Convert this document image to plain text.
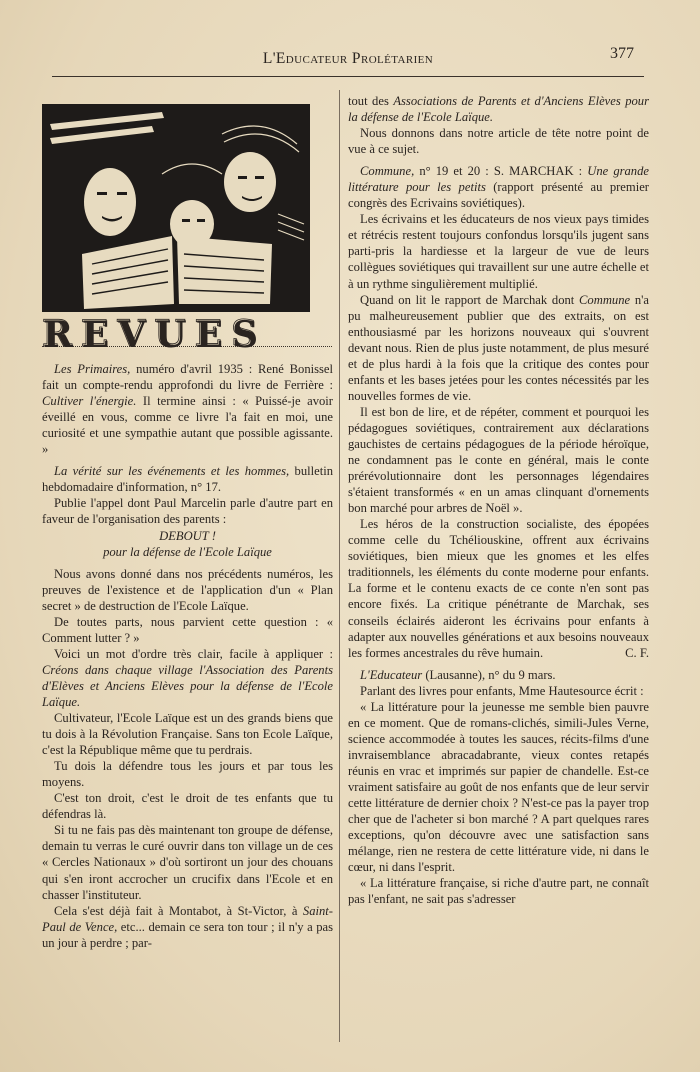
L'Educateur Prolétarien	377
REVUES

Les Primaires, numéro d'avril 1935 : René Bonissel fait un compte-rendu approfondi du livre de Ferrière : Cultiver l'énergie. Il termine ainsi : « Puissé-je avoir éveillé en vous, comme ce livre l'a fait en moi, une curiosité et une sympathie autant que possible agissante. »

La vérité sur les événements et les hommes, bulletin hebdomadaire d'information, n° 17.

Publie l'appel dont Paul Marcelin parle d'autre part en faveur de l'organisation des parents :

DEBOUT !

pour la défense de l'Ecole Laïque

Nous avons donné dans nos précédents numéros, les preuves de l'existence et de l'application d'un « Plan secret » de destruction de l'Ecole Laïque.

De toutes parts, nous parvient cette question : « Comment lutter ? »

Voici un mot d'ordre très clair, facile à appliquer : Créons dans chaque village l'Association des Parents d'Elèves et Anciens Elèves pour la défense de l'Ecole Laïque.

Cultivateur, l'Ecole Laïque est un des grands biens que tu dois à la Révolution Française. Sans ton Ecole Laïque, c'est la République même que tu perdrais.

Tu dois la défendre tous les jours et par tous les moyens.

C'est ton droit, c'est le droit de tes enfants que tu défendras là.

Si tu ne fais pas dès maintenant ton groupe de défense, demain tu verras le curé ouvrir dans ton village un de ces « Cercles Nationaux » d'où sortiront un jour des chouans qui s'en iront accrocher un crucifix dans l'Ecole et en chasser l'instituteur.

Cela s'est déjà fait à Montabot, à St-Victor, à Saint-Paul de Vence, etc... demain ce sera ton tour ; il n'y a pas un jour à perdre ; par-

tout des Associations de Parents et d'Anciens Elèves pour la défense de l'Ecole Laïque.

Nous donnons dans notre article de tête notre point de vue à ce sujet.

Commune, n° 19 et 20 : S. MARCHAK : Une grande littérature pour les petits (rapport présenté au premier congrès des Ecrivains soviétiques).

Les écrivains et les éducateurs de nos vieux pays timides et rétrécis restent toujours confondus lorsqu'ils jugent sans parti-pris la hardiesse et la largeur de vue de leurs collègues soviétiques qui travaillent sur une autre échelle et à un rythme singulièrement multiplié.

Quand on lit le rapport de Marchak dont Commune n'a pu malheureusement publier que des extraits, on est enthousiasmé par les horizons nouveaux qui s'ouvrent devant nous. Rien de plus juste notamment, de plus mesuré et de plus hardi à la fois que la critique des contes pour enfants et les bases jetées pour les contes nécessités par les nouvelles formes de vie.

Il est bon de lire, et de répéter, comment et pourquoi les pédagogues soviétiques, contrairement aux déclarations gauchistes de certains pédagogues de la période héroïque, ne condamnent pas le conte en général, mais le conte prérévolutionnaire dont les personnages légendaires s'étaient transformés « en un amas clinquant d'ornements bon marché pour arbres de Noël ».

Les héros de la construction socialiste, des épopées comme celle du Tchéliouskine, offrent aux écrivains soviétiques, bien mieux que les gnomes et les elfes traditionnels, les éléments du conte moderne pour enfants. La forme et le contenu exacts de ce conte n'en sont pas encore fixés. La critique pénétrante de Marchak, ses conseils éclairés aideront les écrivains pour enfants à adapter aux nouvelles générations et aux besoins nouveaux les formes ancestrales du rêve humain.	C. F.

L'Educateur (Lausanne), n° du 9 mars.

Parlant des livres pour enfants, Mme Hautesource écrit :

« La littérature pour la jeunesse me semble bien pauvre en ce moment. Que de romans-clichés, simili-Jules Verne, science accommodée à toutes les sauces, récits-films d'une invraisemblance abracadabrante, vieux contes retapés réunis en vrac et imprimés sur papier de chandelle. Est-ce vraiment satisfaire au goût de nos enfants que de leur servir cette littérature de dernier choix ? N'est-ce pas la payer trop cher que de l'acheter si bon marché ? A part quelques rares exceptions, qu'on découvre avec une satisfaction sans mélange, rien ne restera de cette littérature vide, ni dans le cœur, ni dans l'esprit.

« La littérature française, si riche d'autre part, ne connaît pas l'enfant, ne sait pas s'adresser
